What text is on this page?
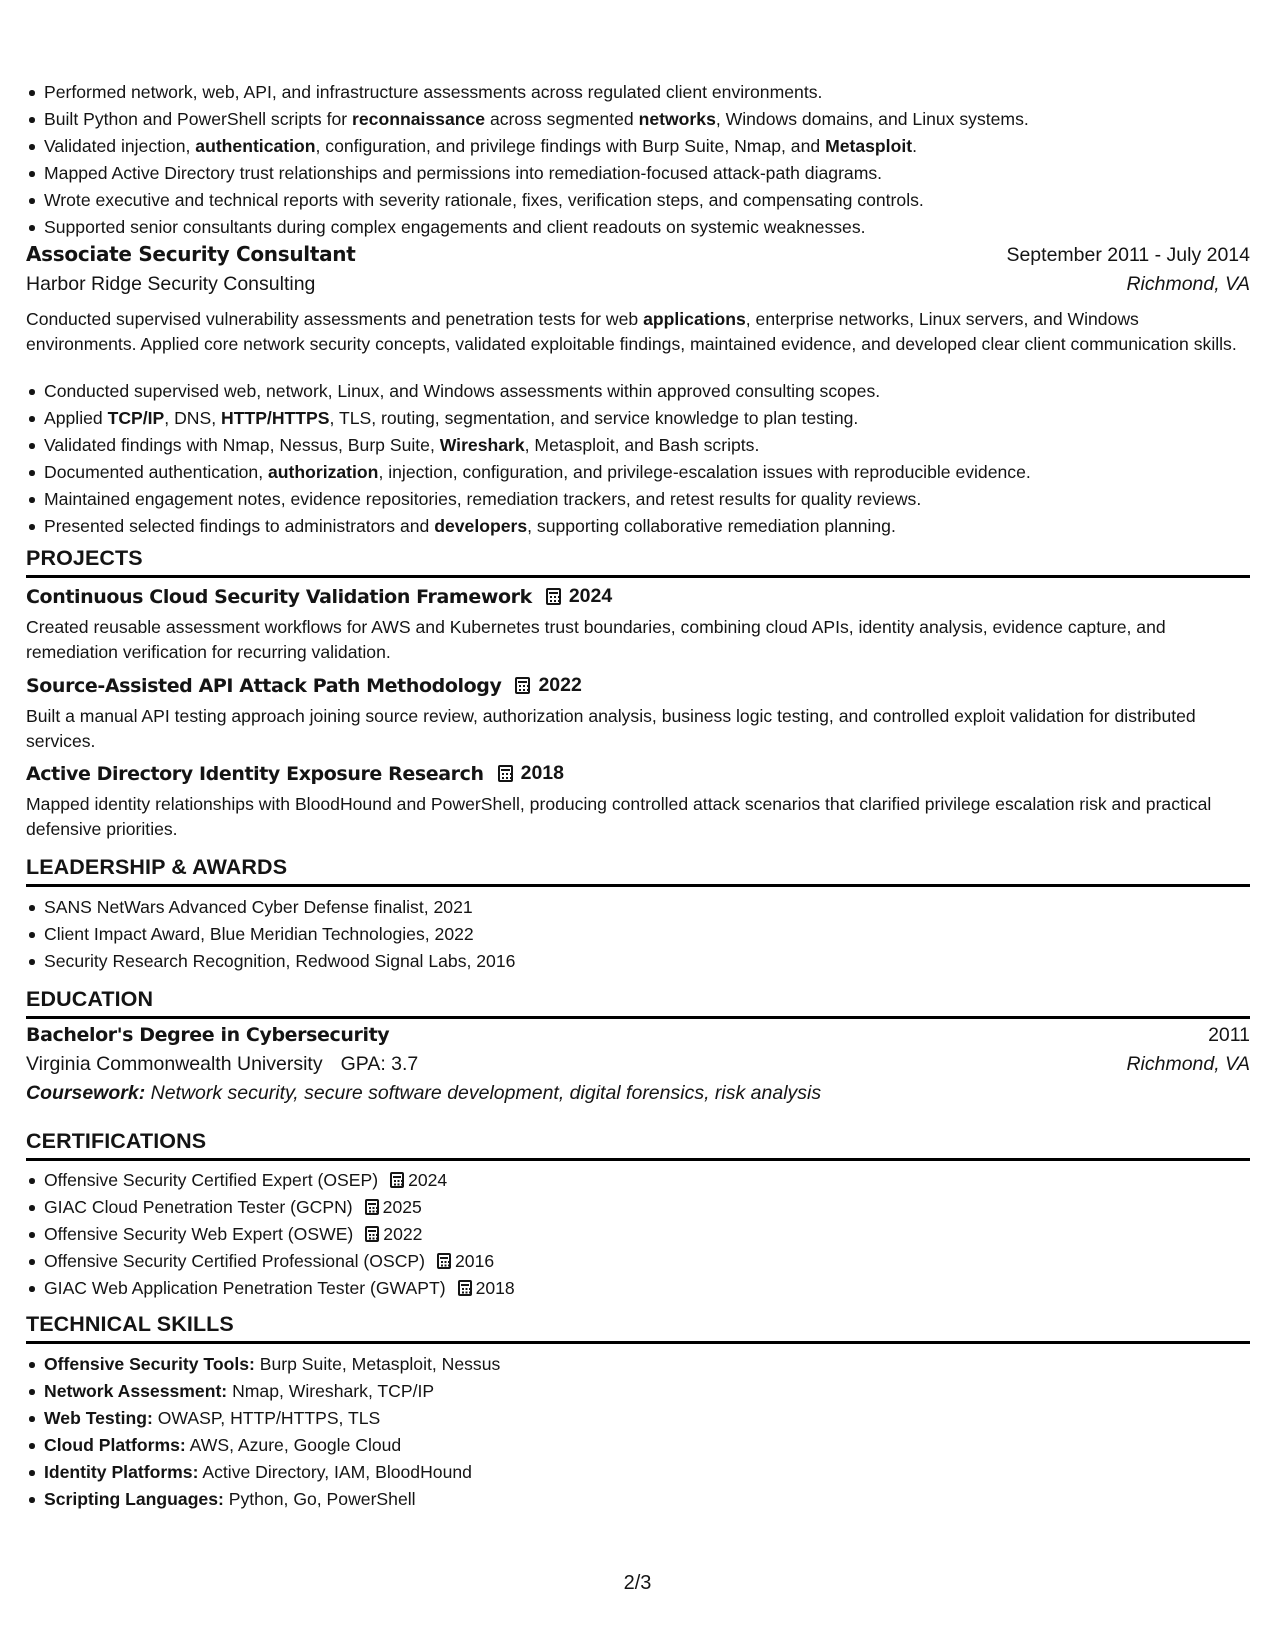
Performed network, web, API, and infrastructure assessments across regulated client environments.
Built Python and PowerShell scripts for reconnaissance across segmented networks, Windows domains, and Linux systems.
Validated injection, authentication, configuration, and privilege findings with Burp Suite, Nmap, and Metasploit.
Mapped Active Directory trust relationships and permissions into remediation-focused attack-path diagrams.
Wrote executive and technical reports with severity rationale, fixes, verification steps, and compensating controls.
Supported senior consultants during complex engagements and client readouts on systemic weaknesses.
Associate Security Consultant	September 2011 - July 2014
Harbor Ridge Security Consulting	Richmond, VA
Conducted supervised vulnerability assessments and penetration tests for web applications, enterprise networks, Linux servers, and Windows environments. Applied core network security concepts, validated exploitable findings, maintained evidence, and developed clear client communication skills.
Conducted supervised web, network, Linux, and Windows assessments within approved consulting scopes.
Applied TCP/IP, DNS, HTTP/HTTPS, TLS, routing, segmentation, and service knowledge to plan testing.
Validated findings with Nmap, Nessus, Burp Suite, Wireshark, Metasploit, and Bash scripts.
Documented authentication, authorization, injection, configuration, and privilege-escalation issues with reproducible evidence.
Maintained engagement notes, evidence repositories, remediation trackers, and retest results for quality reviews.
Presented selected findings to administrators and developers, supporting collaborative remediation planning.
PROJECTS
Continuous Cloud Security Validation Framework 2024
Created reusable assessment workflows for AWS and Kubernetes trust boundaries, combining cloud APIs, identity analysis, evidence capture, and remediation verification for recurring validation.
Source-Assisted API Attack Path Methodology 2022
Built a manual API testing approach joining source review, authorization analysis, business logic testing, and controlled exploit validation for distributed services.
Active Directory Identity Exposure Research 2018
Mapped identity relationships with BloodHound and PowerShell, producing controlled attack scenarios that clarified privilege escalation risk and practical defensive priorities.
LEADERSHIP & AWARDS
SANS NetWars Advanced Cyber Defense finalist, 2021
Client Impact Award, Blue Meridian Technologies, 2022
Security Research Recognition, Redwood Signal Labs, 2016
EDUCATION
Bachelor's Degree in Cybersecurity	2011
Virginia Commonwealth University GPA: 3.7	Richmond, VA
Coursework: Network security, secure software development, digital forensics, risk analysis
CERTIFICATIONS
Offensive Security Certified Expert (OSEP) 2024
GIAC Cloud Penetration Tester (GCPN) 2025
Offensive Security Web Expert (OSWE) 2022
Offensive Security Certified Professional (OSCP) 2016
GIAC Web Application Penetration Tester (GWAPT) 2018
TECHNICAL SKILLS
Offensive Security Tools: Burp Suite, Metasploit, Nessus
Network Assessment: Nmap, Wireshark, TCP/IP
Web Testing: OWASP, HTTP/HTTPS, TLS
Cloud Platforms: AWS, Azure, Google Cloud
Identity Platforms: Active Directory, IAM, BloodHound
Scripting Languages: Python, Go, PowerShell
2/3
